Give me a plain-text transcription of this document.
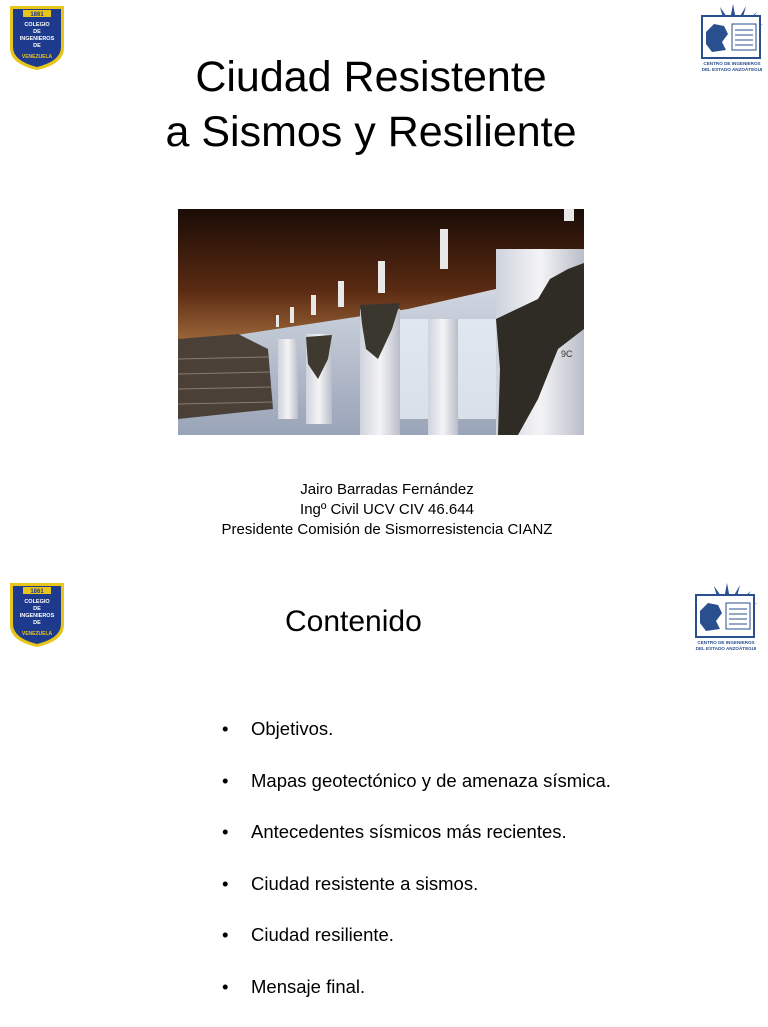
1861
COLEGIO
DE
INGENIEROS
DE
VENEZUELA
CENTRO DE INGENIEROS
DEL ESTADO ANZOÁTEGUI
Ciudad Resistente
a Sismos y Resiliente
9C
Jairo Barradas Fernández
Ingº Civil UCV CIV 46.644
Presidente Comisión de Sismorresistencia CIANZ
1861
COLEGIO
DE
INGENIEROS
DE
VENEZUELA
CENTRO DE INGENIEROS
DEL ESTADO ANZOÁTEGUI
Contenido
• Objetivos.
• Mapas geotectónico y de amenaza sísmica.
• Antecedentes sísmicos más recientes.
• Ciudad resistente a sismos.
• Ciudad resiliente.
• Mensaje final.
